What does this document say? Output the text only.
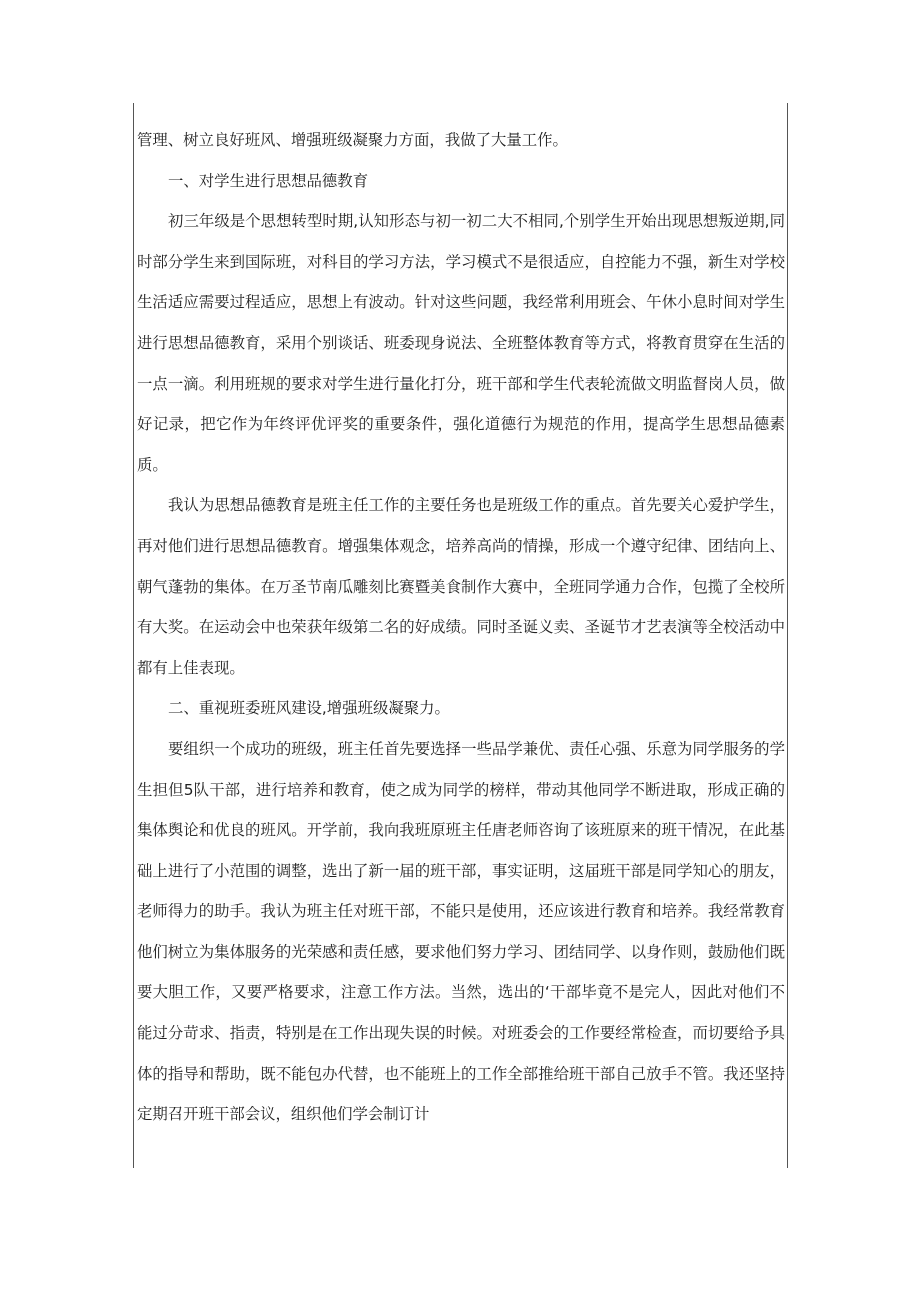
管理、树立良好班风、增强班级凝聚力方面，我做了大量工作。

一、对学生进行思想品德教育

初三年级是个思想转型时期,认知形态与初一初二大不相同,个别学生开始出现思想叛逆期,同时部分学生来到国际班，对科目的学习方法，学习模式不是很适应，自控能力不强，新生对学校生活适应需要过程适应，思想上有波动。针对这些问题，我经常利用班会、午休小息时间对学生进行思想品德教育，采用个别谈话、班委现身说法、全班整体教育等方式，将教育贯穿在生活的一点一滴。利用班规的要求对学生进行量化打分，班干部和学生代表轮流做文明监督岗人员，做好记录，把它作为年终评优评奖的重要条件，强化道德行为规范的作用，提高学生思想品德素质。

我认为思想品德教育是班主任工作的主要任务也是班级工作的重点。首先要关心爱护学生，再对他们进行思想品德教育。增强集体观念，培养高尚的情操，形成一个遵守纪律、团结向上、朝气蓬勃的集体。在万圣节南瓜雕刻比赛暨美食制作大赛中，全班同学通力合作，包揽了全校所有大奖。在运动会中也荣获年级第二名的好成绩。同时圣诞义卖、圣诞节才艺表演等全校活动中都有上佳表现。

二、重视班委班风建设,增强班级凝聚力。

要组织一个成功的班级，班主任首先要选择一些品学兼优、责任心强、乐意为同学服务的学生担但5队干部，进行培养和教育，使之成为同学的榜样，带动其他同学不断进取，形成正确的集体舆论和优良的班风。开学前，我向我班原班主任唐老师咨询了该班原来的班干情况，在此基础上进行了小范围的调整，选出了新一届的班干部，事实证明，这届班干部是同学知心的朋友，老师得力的助手。我认为班主任对班干部，不能只是使用，还应该进行教育和培养。我经常教育他们树立为集体服务的光荣感和责任感，要求他们努力学习、团结同学、以身作则，鼓励他们既要大胆工作，又要严格要求，注意工作方法。当然，选出的‘干部毕竟不是完人，因此对他们不能过分苛求、指责，特别是在工作出现失误的时候。对班委会的工作要经常检查，而切要给予具体的指导和帮助，既不能包办代替，也不能班上的工作全部推给班干部自己放手不管。我还坚持定期召开班干部会议，组织他们学会制订计
